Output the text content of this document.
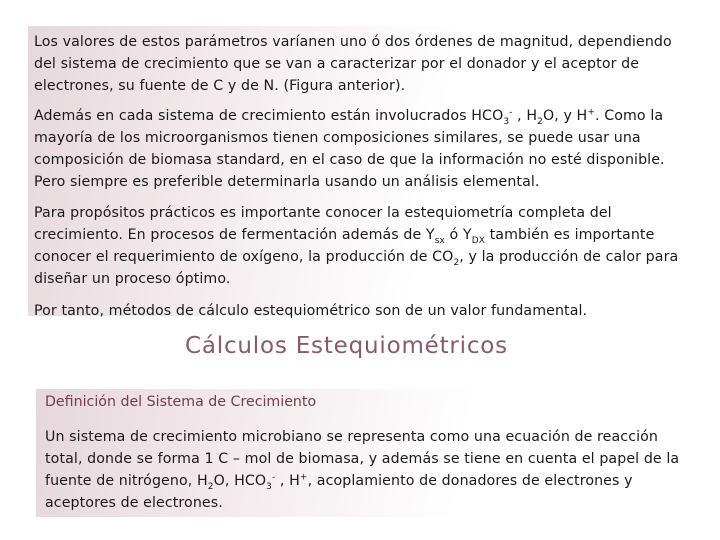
Los valores de estos parámetros varíanen uno ó dos órdenes de magnitud, dependiendo del sistema de crecimiento que se van a caracterizar por el donador y el aceptor de electrones, su fuente de C y de N. (Figura anterior).

Además en cada sistema de crecimiento están involucrados $HCO_3^-$ , $H_2O$, y H+. Como la mayoría de los microorganismos tienen composiciones similares, se puede usar una composición de biomasa standard, en el caso de que la información no esté disponible. Pero siempre es preferible determinarla usando un análisis elemental.

Para propósitos prácticos es importante conocer la estequiometría completa del crecimiento. En procesos de fermentación además de $Y_{sx}$ ó $Y_{DX}$ también es importante conocer el requerimiento de oxígeno, la producción de $CO_2$, y la producción de calor para diseñar un proceso óptimo.

Por tanto, métodos de cálculo estequiométrico son de un valor fundamental.

Cálculos Estequiométricos
Definición del Sistema de Crecimiento

Un sistema de crecimiento microbiano se representa como una ecuación de reacción total, donde se forma 1 C – mol de biomasa, y además se tiene en cuenta el papel de la fuente de nitrógeno, $H_2O$, $HCO_3^-$ , H+, acoplamiento de donadores de electrones y aceptores de electrones.
